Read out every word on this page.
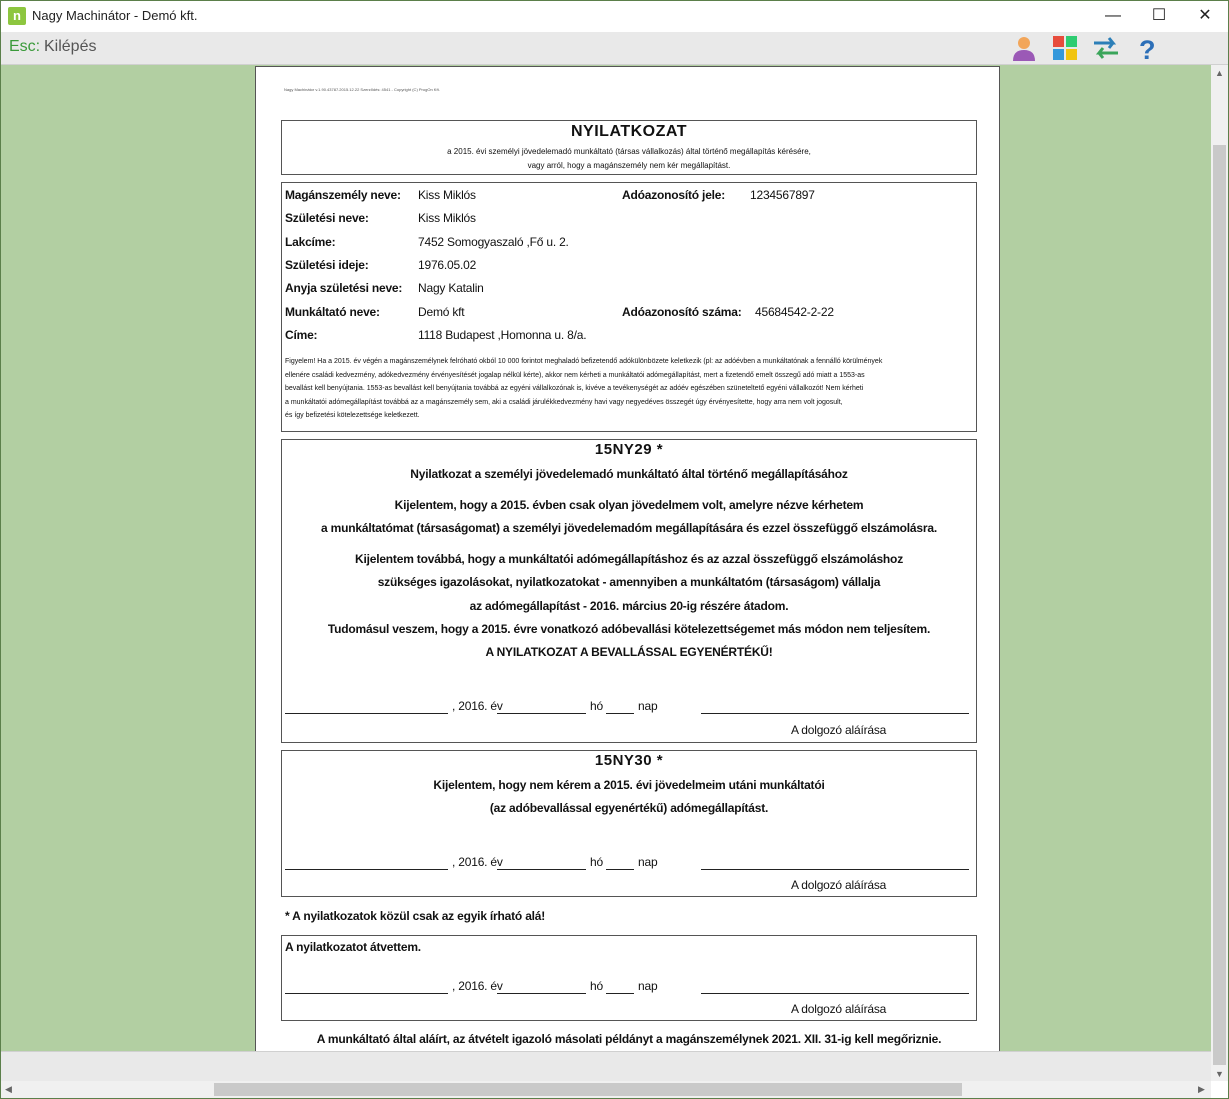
n Nagy Machinátor - Demó kft.	—	☐	✕
Esc: Kilépés	?
Nagy Machinátor v.1.90.43787.2015.12.22 Szerződés: 4541 - Copyright (C) ProgOn Kft.
NYILATKOZAT
a 2015. évi személyi jövedelemadó munkáltató (társas vállalkozás) által történő megállapítás kérésére,
vagy arról, hogy a magánszemély nem kér megállapítást.
Magánszemély neve: Kiss Miklós	Adóazonosító jele: 1234567897
Születési neve:	Kiss Miklós
Lakcíme:	7452 Somogyaszaló ,Fő u. 2.
Születési ideje:	1976.05.02
Anyja születési neve: Nagy Katalin
Munkáltató neve:	Demó kft	Adóazonosító száma: 45684542-2-22
Címe:	1118 Budapest ,Homonna u. 8/a.
Figyelem! Ha a 2015. év végén a magánszemélynek felróható okból 10 000 forintot meghaladó befizetendő adókülönbözete keletkezik (pl: az adóévben a munkáltatónak a fennálló körülmények
ellenére családi kedvezmény, adókedvezmény érvényesítését jogalap nélkül kérte), akkor nem kérheti a munkáltatói adómegállapítást, mert a fizetendő emelt összegű adó miatt a 1553-as
bevallást kell benyújtania. 1553-as bevallást kell benyújtania továbbá az egyéni vállalkozónak is, kivéve a tevékenységét az adóév egészében szüneteltető egyéni vállalkozót! Nem kérheti
a munkáltatói adómegállapítást továbbá az a magánszemély sem, aki a családi járulékkedvezmény havi vagy negyedéves összegét úgy érvényesítette, hogy arra nem volt jogosult,
és így befizetési kötelezettsége keletkezett.
15NY29 *
Nyilatkozat a személyi jövedelemadó munkáltató által történő megállapításához
Kijelentem, hogy a 2015. évben csak olyan jövedelmem volt, amelyre nézve kérhetem
a munkáltatómat (társaságomat) a személyi jövedelemadóm megállapítására és ezzel összefüggő elszámolásra.
Kijelentem továbbá, hogy a munkáltatói adómegállapításhoz és az azzal összefüggő elszámoláshoz
szükséges igazolásokat, nyilatkozatokat - amennyiben a munkáltatóm (társaságom) vállalja
az adómegállapítást - 2016. március 20-ig részére átadom.
Tudomásul veszem, hogy a 2015. évre vonatkozó adóbevallási kötelezettségemet más módon nem teljesítem.
A NYILATKOZAT A BEVALLÁSSAL EGYENÉRTÉKŰ!
, 2016. év	hó	nap
A dolgozó aláírása
15NY30 *
Kijelentem, hogy nem kérem a 2015. évi jövedelmeim utáni munkáltatói
(az adóbevallással egyenértékű) adómegállapítást.
, 2016. év	hó	nap
A dolgozó aláírása
* A nyilatkozatok közül csak az egyik írható alá!
A nyilatkozatot átvettem.
, 2016. év	hó	nap
A dolgozó aláírása
A munkáltató által aláírt, az átvételt igazoló másolati példányt a magánszemélynek 2021. XII. 31-ig kell megőriznie.
▲
▼
◀	▶
